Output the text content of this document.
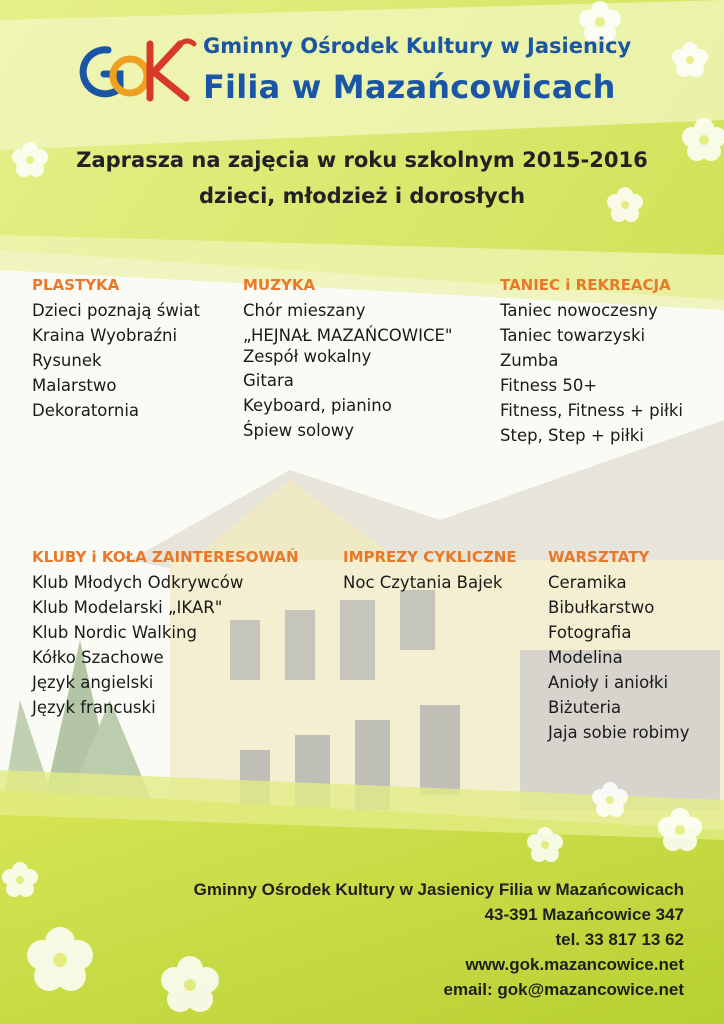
Gminny Ośrodek Kultury w Jasienicy
Filia w Mazańcowicach
Zaprasza na zajęcia w roku szkolnym 2015-2016
dzieci, młodzież i dorosłych
PLASTYKA
Dzieci poznają świat
Kraina Wyobraźni
Rysunek
Malarstwo
Dekoratornia
MUZYKA
Chór mieszany
„HEJNAŁ MAZAŃCOWICE"
Zespół wokalny
Gitara
Keyboard, pianino
Śpiew solowy
TANIEC i REKREACJA
Taniec nowoczesny
Taniec towarzyski
Zumba
Fitness 50+
Fitness, Fitness + piłki
Step, Step + piłki
KLUBY i KOŁA ZAINTERESOWAŃ
Klub Młodych Odkrywców
Klub Modelarski „IKAR"
Klub Nordic Walking
Kółko Szachowe
Język angielski
Język francuski
IMPREZY CYKLICZNE
Noc Czytania Bajek
WARSZTATY
Ceramika
Bibułkarstwo
Fotografia
Modelina
Anioły i aniołki
Biżuteria
Jaja sobie robimy
Gminny Ośrodek Kultury w Jasienicy Filia w Mazańcowicach
43-391 Mazańcowice 347
tel. 33 817 13 62
www.gok.mazancowice.net
email: gok@mazancowice.net
